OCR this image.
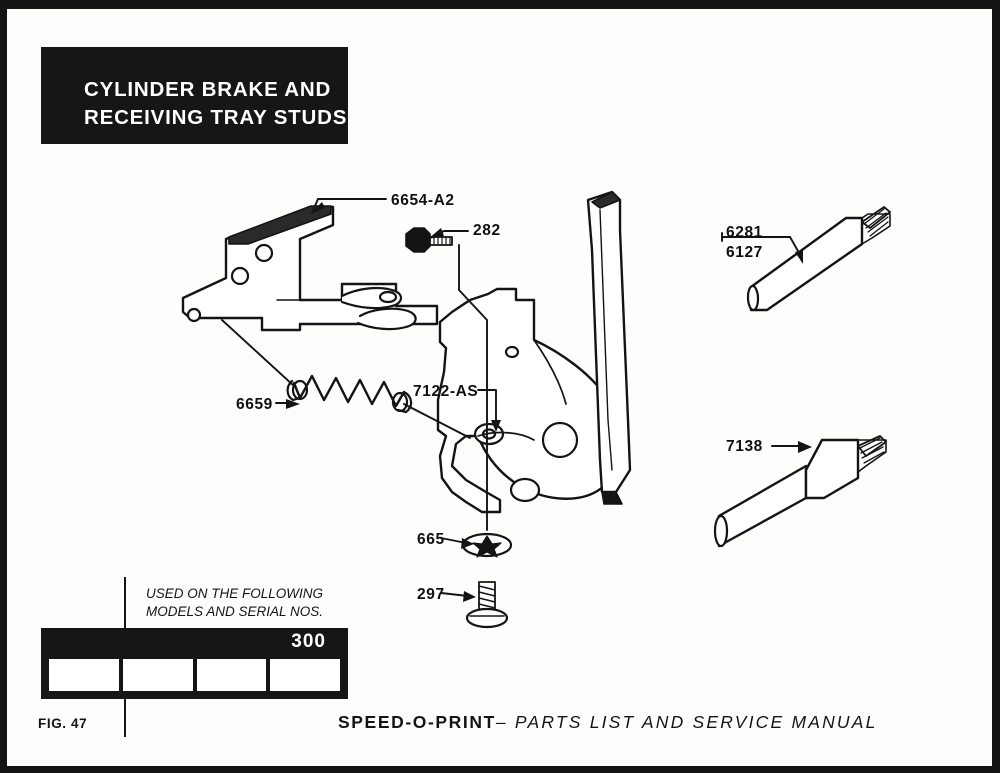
CYLINDER BRAKE AND
RECEIVING TRAY STUDS
6654-A2
282	6281
6127
7122-AS
6659
7138
665
297
USED ON THE FOLLOWING
MODELS AND SERIAL NOS.
300
FIG. 47	SPEED-O-PRINT– PARTS LIST AND SERVICE MANUAL
